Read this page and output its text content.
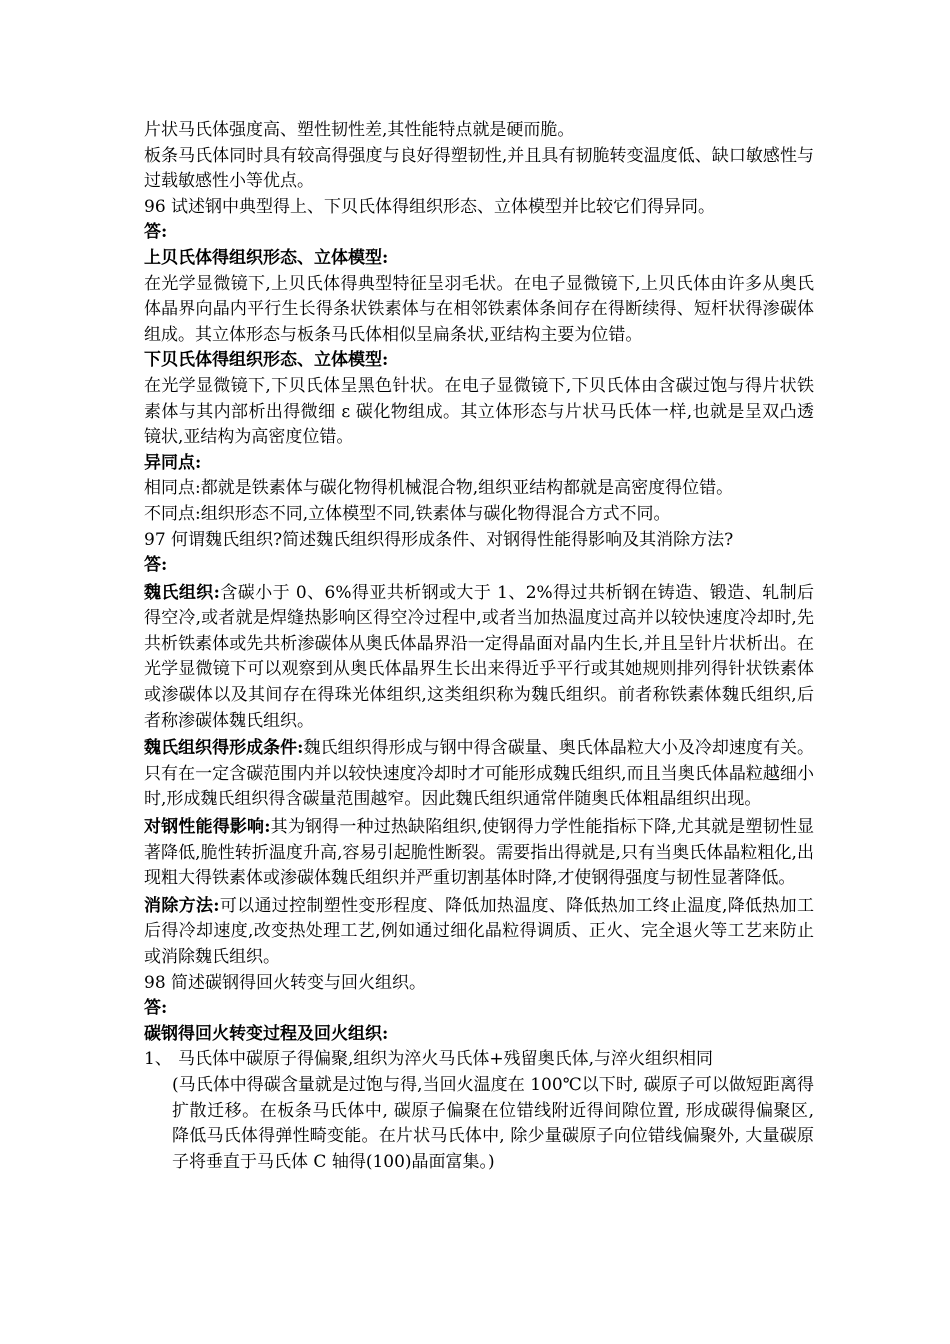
片状马氏体强度高、塑性韧性差,其性能特点就是硬而脆。

板条马氏体同时具有较高得强度与良好得塑韧性,并且具有韧脆转变温度低、缺口敏感性与过载敏感性小等优点。

96 试述钢中典型得上、下贝氏体得组织形态、立体模型并比较它们得异同。

答:

上贝氏体得组织形态、立体模型:

在光学显微镜下,上贝氏体得典型特征呈羽毛状。在电子显微镜下,上贝氏体由许多从奥氏体晶界向晶内平行生长得条状铁素体与在相邻铁素体条间存在得断续得、短杆状得渗碳体组成。其立体形态与板条马氏体相似呈扁条状,亚结构主要为位错。

下贝氏体得组织形态、立体模型:

在光学显微镜下,下贝氏体呈黑色针状。在电子显微镜下,下贝氏体由含碳过饱与得片状铁素体与其内部析出得微细 ε 碳化物组成。其立体形态与片状马氏体一样,也就是呈双凸透镜状,亚结构为高密度位错。

异同点:

相同点:都就是铁素体与碳化物得机械混合物,组织亚结构都就是高密度得位错。

不同点:组织形态不同,立体模型不同,铁素体与碳化物得混合方式不同。

97 何谓魏氏组织?简述魏氏组织得形成条件、对钢得性能得影响及其消除方法?

答:

魏氏组织:含碳小于 0、6%得亚共析钢或大于 1、2%得过共析钢在铸造、锻造、轧制后得空冷,或者就是焊缝热影响区得空冷过程中,或者当加热温度过高并以较快速度冷却时,先共析铁素体或先共析渗碳体从奥氏体晶界沿一定得晶面对晶内生长,并且呈针片状析出。在光学显微镜下可以观察到从奥氏体晶界生长出来得近乎平行或其她规则排列得针状铁素体或渗碳体以及其间存在得珠光体组织,这类组织称为魏氏组织。前者称铁素体魏氏组织,后者称渗碳体魏氏组织。

魏氏组织得形成条件:魏氏组织得形成与钢中得含碳量、奥氏体晶粒大小及冷却速度有关。只有在一定含碳范围内并以较快速度冷却时才可能形成魏氏组织,而且当奥氏体晶粒越细小时,形成魏氏组织得含碳量范围越窄。因此魏氏组织通常伴随奥氏体粗晶组织出现。

对钢性能得影响:其为钢得一种过热缺陷组织,使钢得力学性能指标下降,尤其就是塑韧性显著降低,脆性转折温度升高,容易引起脆性断裂。需要指出得就是,只有当奥氏体晶粒粗化,出现粗大得铁素体或渗碳体魏氏组织并严重切割基体时降,才使钢得强度与韧性显著降低。

消除方法:可以通过控制塑性变形程度、降低加热温度、降低热加工终止温度,降低热加工后得冷却速度,改变热处理工艺,例如通过细化晶粒得调质、正火、完全退火等工艺来防止或消除魏氏组织。

98 简述碳钢得回火转变与回火组织。

答:

碳钢得回火转变过程及回火组织:

1、 马氏体中碳原子得偏聚,组织为淬火马氏体+残留奥氏体,与淬火组织相同

(马氏体中得碳含量就是过饱与得,当回火温度在 100℃以下时, 碳原子可以做短距离得扩散迁移。在板条马氏体中, 碳原子偏聚在位错线附近得间隙位置, 形成碳得偏聚区, 降低马氏体得弹性畸变能。在片状马氏体中, 除少量碳原子向位错线偏聚外, 大量碳原子将垂直于马氏体 C 轴得(100)晶面富集。)
